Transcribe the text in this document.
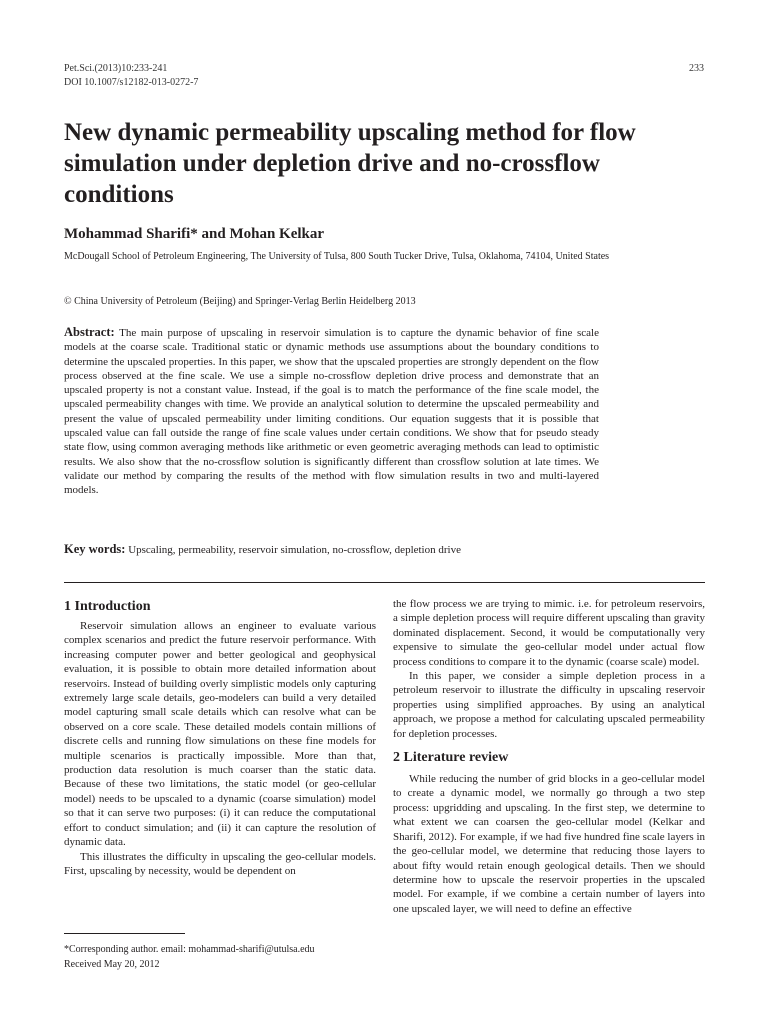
Pet.Sci.(2013)10:233-241
DOI 10.1007/s12182-013-0272-7
233
New dynamic permeability upscaling method for flow simulation under depletion drive and no-crossflow conditions
Mohammad Sharifi* and Mohan Kelkar
McDougall School of Petroleum Engineering, The University of Tulsa, 800 South Tucker Drive, Tulsa, Oklahoma, 74104, United States
© China University of Petroleum (Beijing) and Springer-Verlag Berlin Heidelberg 2013
Abstract: The main purpose of upscaling in reservoir simulation is to capture the dynamic behavior of fine scale models at the coarse scale. Traditional static or dynamic methods use assumptions about the boundary conditions to determine the upscaled properties. In this paper, we show that the upscaled properties are strongly dependent on the flow process observed at the fine scale. We use a simple no-crossflow depletion drive process and demonstrate that an upscaled property is not a constant value. Instead, if the goal is to match the performance of the fine scale model, the upscaled permeability changes with time. We provide an analytical solution to determine the upscaled permeability and present the value of upscaled permeability under limiting conditions. Our equation suggests that it is possible that upscaled value can fall outside the range of fine scale values under certain conditions. We show that for pseudo steady state flow, using common averaging methods like arithmetic or even geometric averaging methods can lead to optimistic results. We also show that the no-crossflow solution is significantly different than crossflow solution at late times. We validate our method by comparing the results of the method with flow simulation results in two and multi-layered models.
Key words: Upscaling, permeability, reservoir simulation, no-crossflow, depletion drive
1 Introduction

Reservoir simulation allows an engineer to evaluate various complex scenarios and predict the future reservoir performance. With increasing computer power and better geological and geophysical evaluation, it is possible to obtain more detailed information about reservoirs. Instead of building overly simplistic models only capturing extremely large scale details, geo-modelers can build a very detailed model capturing small scale details which can resolve what can be observed on a core scale. These detailed models contain millions of discrete cells and running flow simulations on these fine models for multiple scenarios is practically impossible. More than that, production data resolution is much coarser than the static data. Because of these two limitations, the static model (or geo-cellular model) needs to be upscaled to a dynamic (coarse simulation) model so that it can serve two purposes: (i) it can reduce the computational effort to conduct simulation; and (ii) it can capture the resolution of dynamic data.

This illustrates the difficulty in upscaling the geo-cellular models. First, upscaling by necessity, would be dependent on

the flow process we are trying to mimic. i.e. for petroleum reservoirs, a simple depletion process will require different upscaling than gravity dominated displacement. Second, it would be computationally very expensive to simulate the geo-cellular model under actual flow process conditions to compare it to the dynamic (coarse scale) model.

In this paper, we consider a simple depletion process in a petroleum reservoir to illustrate the difficulty in upscaling reservoir properties using simplified approaches. By using an analytical approach, we propose a method for calculating upscaled permeability for depletion processes.

2 Literature review

While reducing the number of grid blocks in a geo-cellular model to create a dynamic model, we normally go through a two step process: upgridding and upscaling. In the first step, we determine to what extent we can coarsen the geo-cellular model (Kelkar and Sharifi, 2012). For example, if we had five hundred fine scale layers in the geo-cellular model, we determine that reducing those layers to about fifty would retain enough geological details. Then we should determine how to upscale the reservoir properties in the upscaled model. For example, if we combine a certain number of layers into one upscaled layer, we will need to define an effective

*Corresponding author. email: mohammad-sharifi@utulsa.edu
Received May 20, 2012
